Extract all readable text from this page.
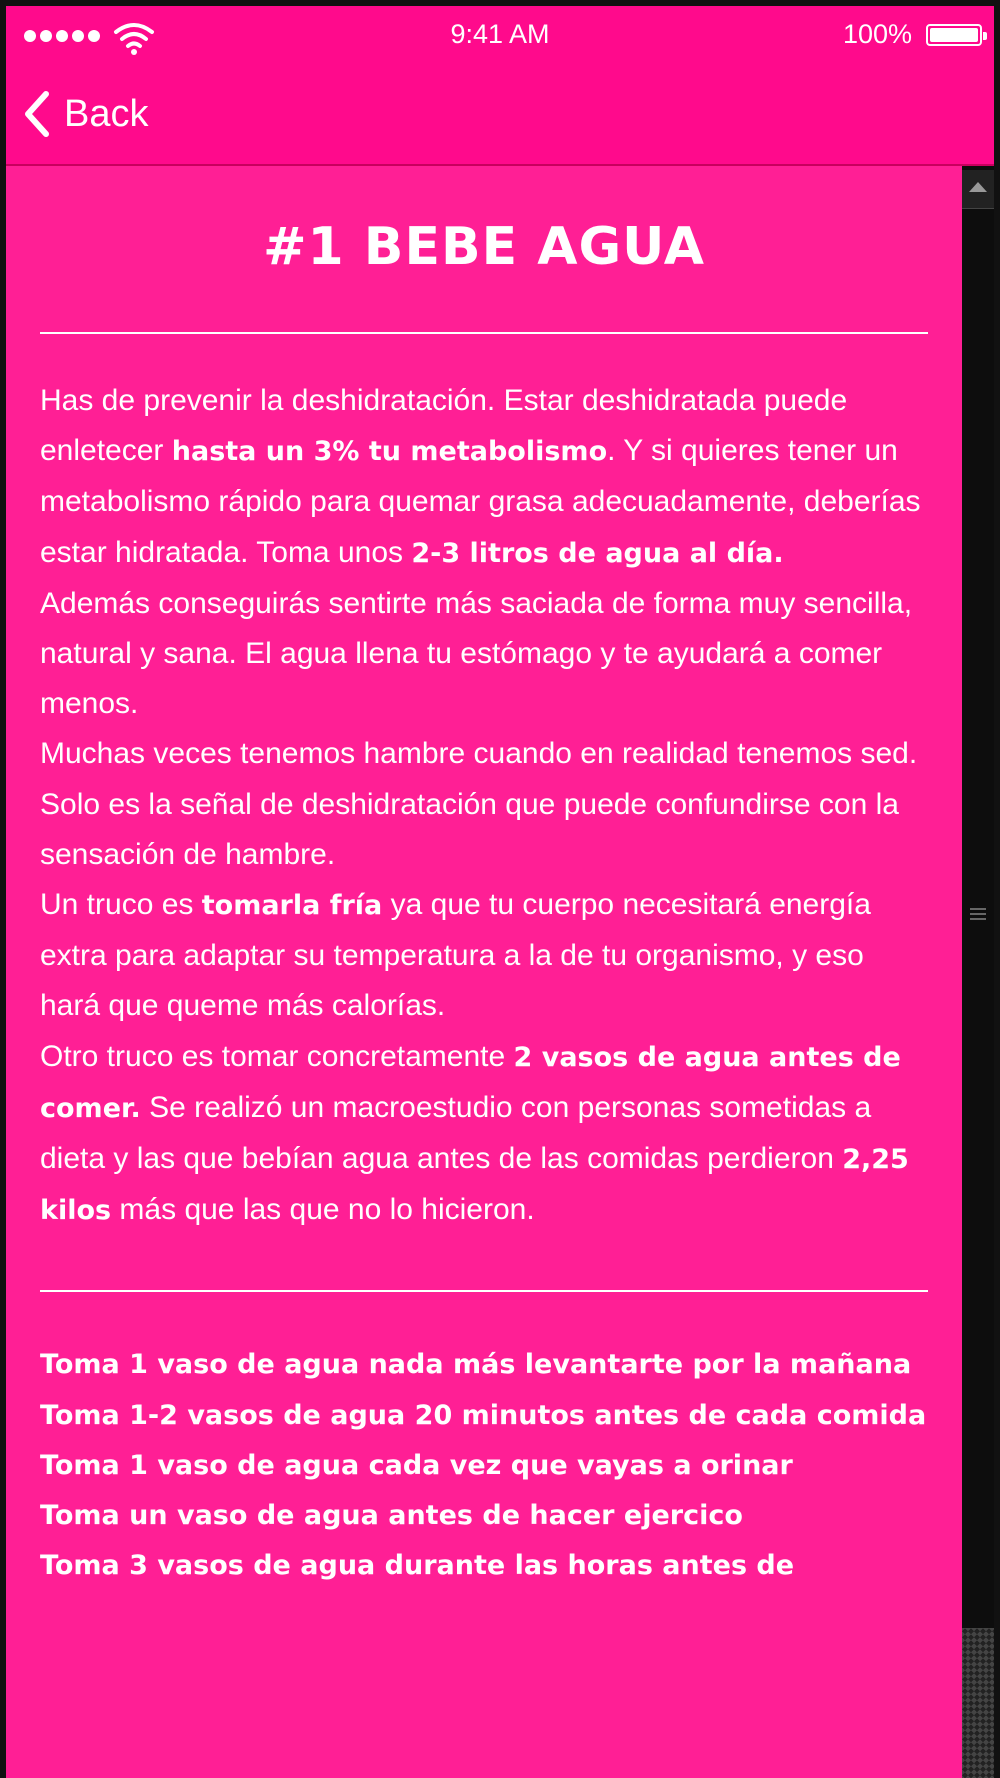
9:41 AM	100%
Back
#1 BEBE AGUA

Has de prevenir la deshidratación. Estar deshidratada puede enletecer hasta un 3% tu metabolismo. Y si quieres tener un metabolismo rápido para quemar grasa adecuadamente, deberías estar hidratada. Toma unos 2-3 litros de agua al día.

Además conseguirás sentirte más saciada de forma muy sencilla, natural y sana. El agua llena tu estómago y te ayudará a comer menos.

Muchas veces tenemos hambre cuando en realidad tenemos sed. Solo es la señal de deshidratación que puede confundirse con la sensación de hambre.

Un truco es tomarla fría ya que tu cuerpo necesitará energía extra para adaptar su temperatura a la de tu organismo, y eso hará que queme más calorías.

Otro truco es tomar concretamente 2 vasos de agua antes de comer. Se realizó un macroestudio con personas sometidas a dieta y las que bebían agua antes de las comidas perdieron 2,25 kilos más que las que no lo hicieron.

Toma 1 vaso de agua nada más levantarte por la mañana
Toma 1-2 vasos de agua 20 minutos antes de cada comida
Toma 1 vaso de agua cada vez que vayas a orinar
Toma un vaso de agua antes de hacer ejercico
Toma 3 vasos de agua durante las horas antes de
